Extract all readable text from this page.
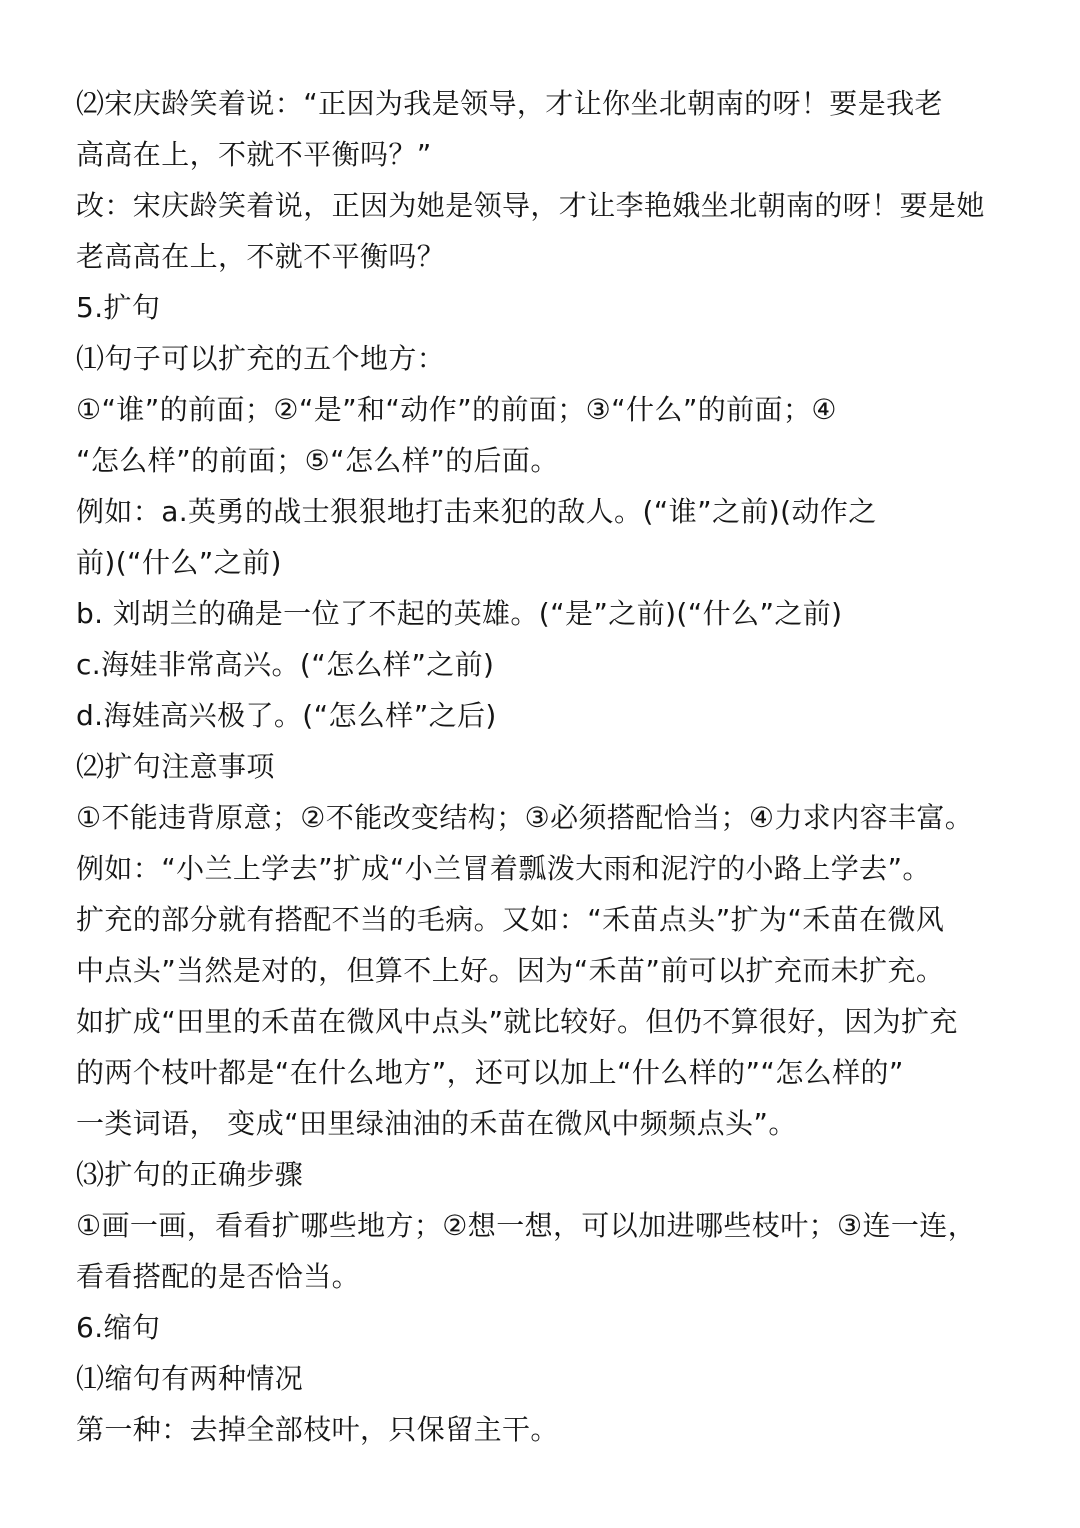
⑵宋庆龄笑着说：“正因为我是领导，才让你坐北朝南的呀！要是我老
高高在上，不就不平衡吗？”
改：宋庆龄笑着说，正因为她是领导，才让李艳娥坐北朝南的呀！要是她
老高高在上，不就不平衡吗？
5.扩句
⑴句子可以扩充的五个地方：
①“谁”的前面；②“是”和“动作”的前面；③“什么”的前面；④
“怎么样”的前面；⑤“怎么样”的后面。
例如：a.英勇的战士狠狠地打击来犯的敌人。(“谁”之前)(动作之
前)(“什么”之前)
b. 刘胡兰的确是一位了不起的英雄。(“是”之前)(“什么”之前)
c.海娃非常高兴。(“怎么样”之前)
d.海娃高兴极了。(“怎么样”之后)
⑵扩句注意事项
①不能违背原意；②不能改变结构；③必须搭配恰当；④力求内容丰富。
例如：“小兰上学去”扩成“小兰冒着瓢泼大雨和泥泞的小路上学去”。
扩充的部分就有搭配不当的毛病。又如：“禾苗点头”扩为“禾苗在微风
中点头”当然是对的，但算不上好。因为“禾苗”前可以扩充而未扩充。
如扩成“田里的禾苗在微风中点头”就比较好。但仍不算很好，因为扩充
的两个枝叶都是“在什么地方”，还可以加上“什么样的”“怎么样的”
一类词语， 变成“田里绿油油的禾苗在微风中频频点头”。
⑶扩句的正确步骤
①画一画，看看扩哪些地方；②想一想，可以加进哪些枝叶；③连一连，
看看搭配的是否恰当。
6.缩句
⑴缩句有两种情况
第一种：去掉全部枝叶，只保留主干。
